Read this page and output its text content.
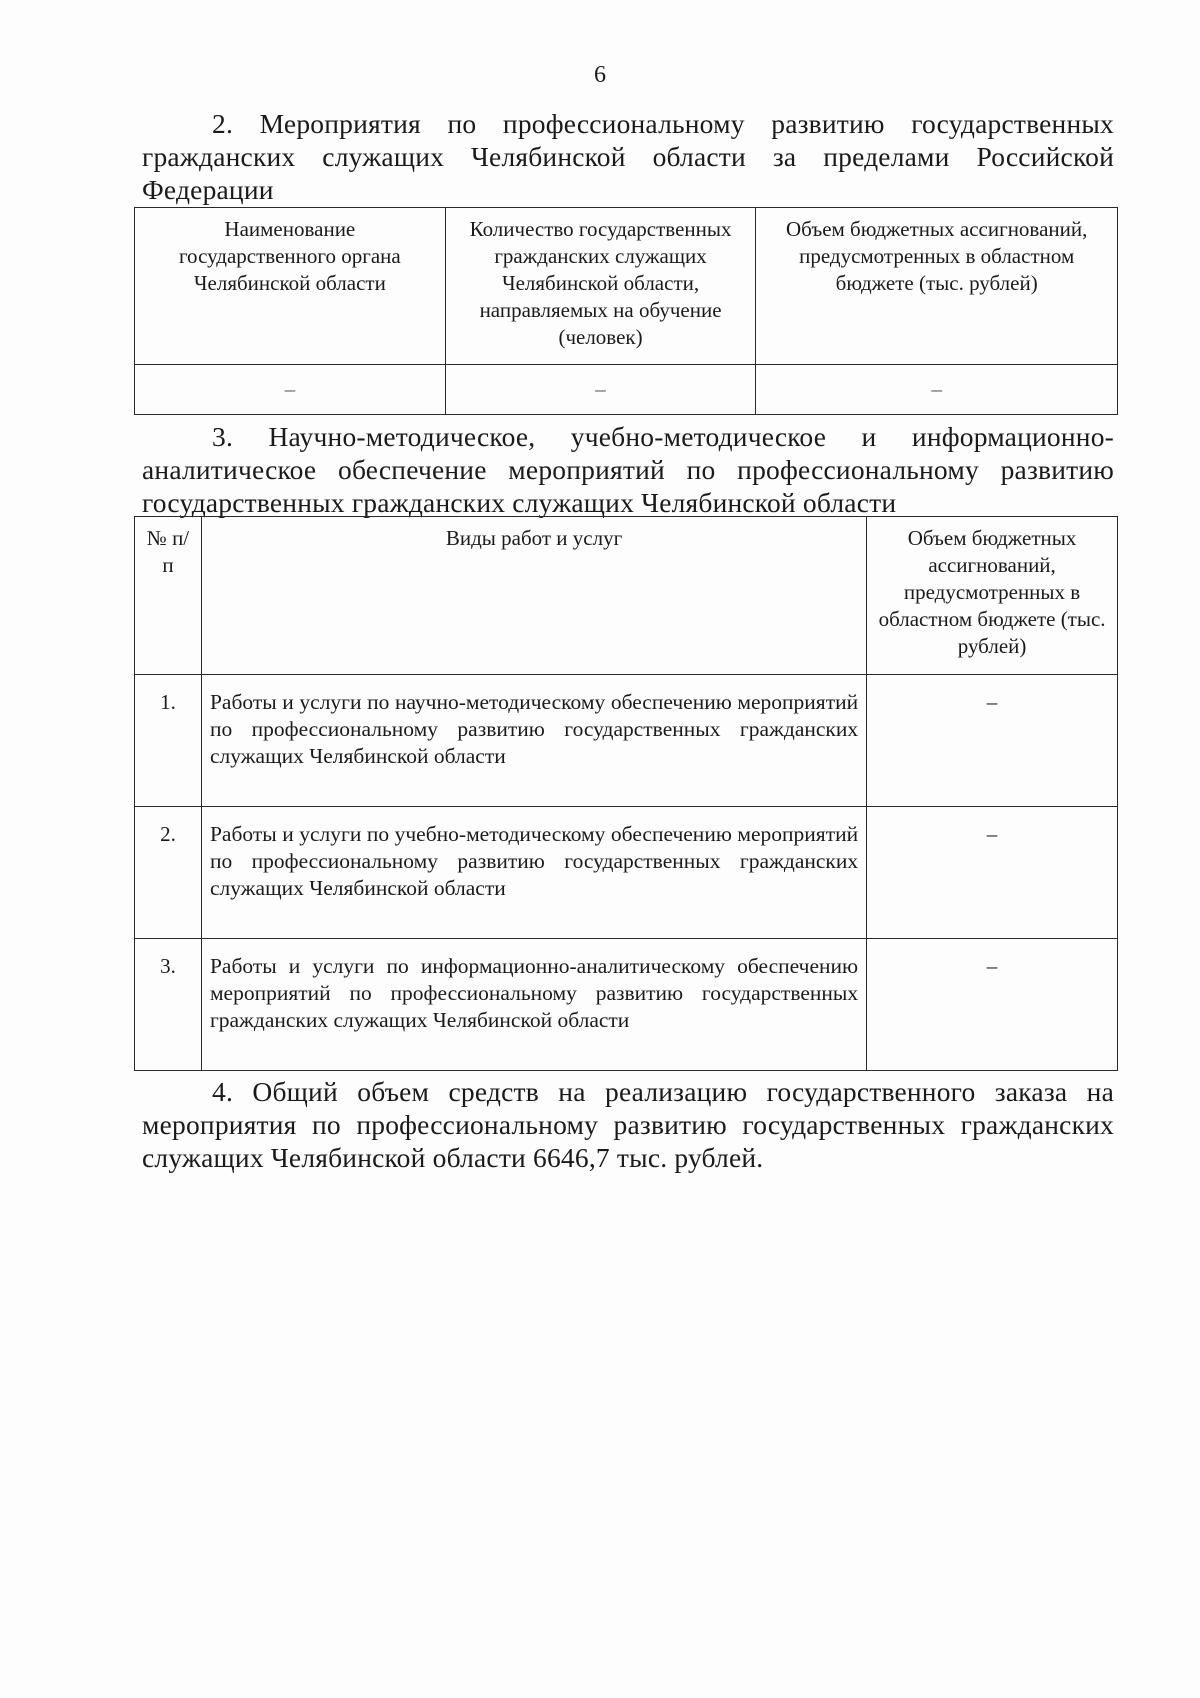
6

2. Мероприятия по профессиональному развитию государственных гражданских служащих Челябинской области за пределами Российской Федерации

Наименование государственного органа Челябинской области	Количество государственных гражданских служащих Челябинской области, направляемых на обучение (человек)	Объем бюджетных ассигнований, предусмотренных в областном бюджете (тыс. рублей)
–	–	–

3. Научно-методическое, учебно-методическое и информационно-аналитическое обеспечение мероприятий по профессиональному развитию государственных гражданских служащих Челябинской области

№ п/п	Виды работ и услуг	Объем бюджетных ассигнований, предусмотренных в областном бюджете (тыс. рублей)
1.	Работы и услуги по научно-методическому обеспечению мероприятий по профессиональному развитию государственных гражданских служащих Челябинской области	–
2.	Работы и услуги по учебно-методическому обеспечению мероприятий по профессиональному развитию государственных гражданских служащих Челябинской области	–
3.	Работы и услуги по информационно-аналитическому обеспечению мероприятий по профессиональному развитию государственных гражданских служащих Челябинской области	–

4. Общий объем средств на реализацию государственного заказа на мероприятия по профессиональному развитию государственных гражданских служащих Челябинской области 6646,7 тыс. рублей.
